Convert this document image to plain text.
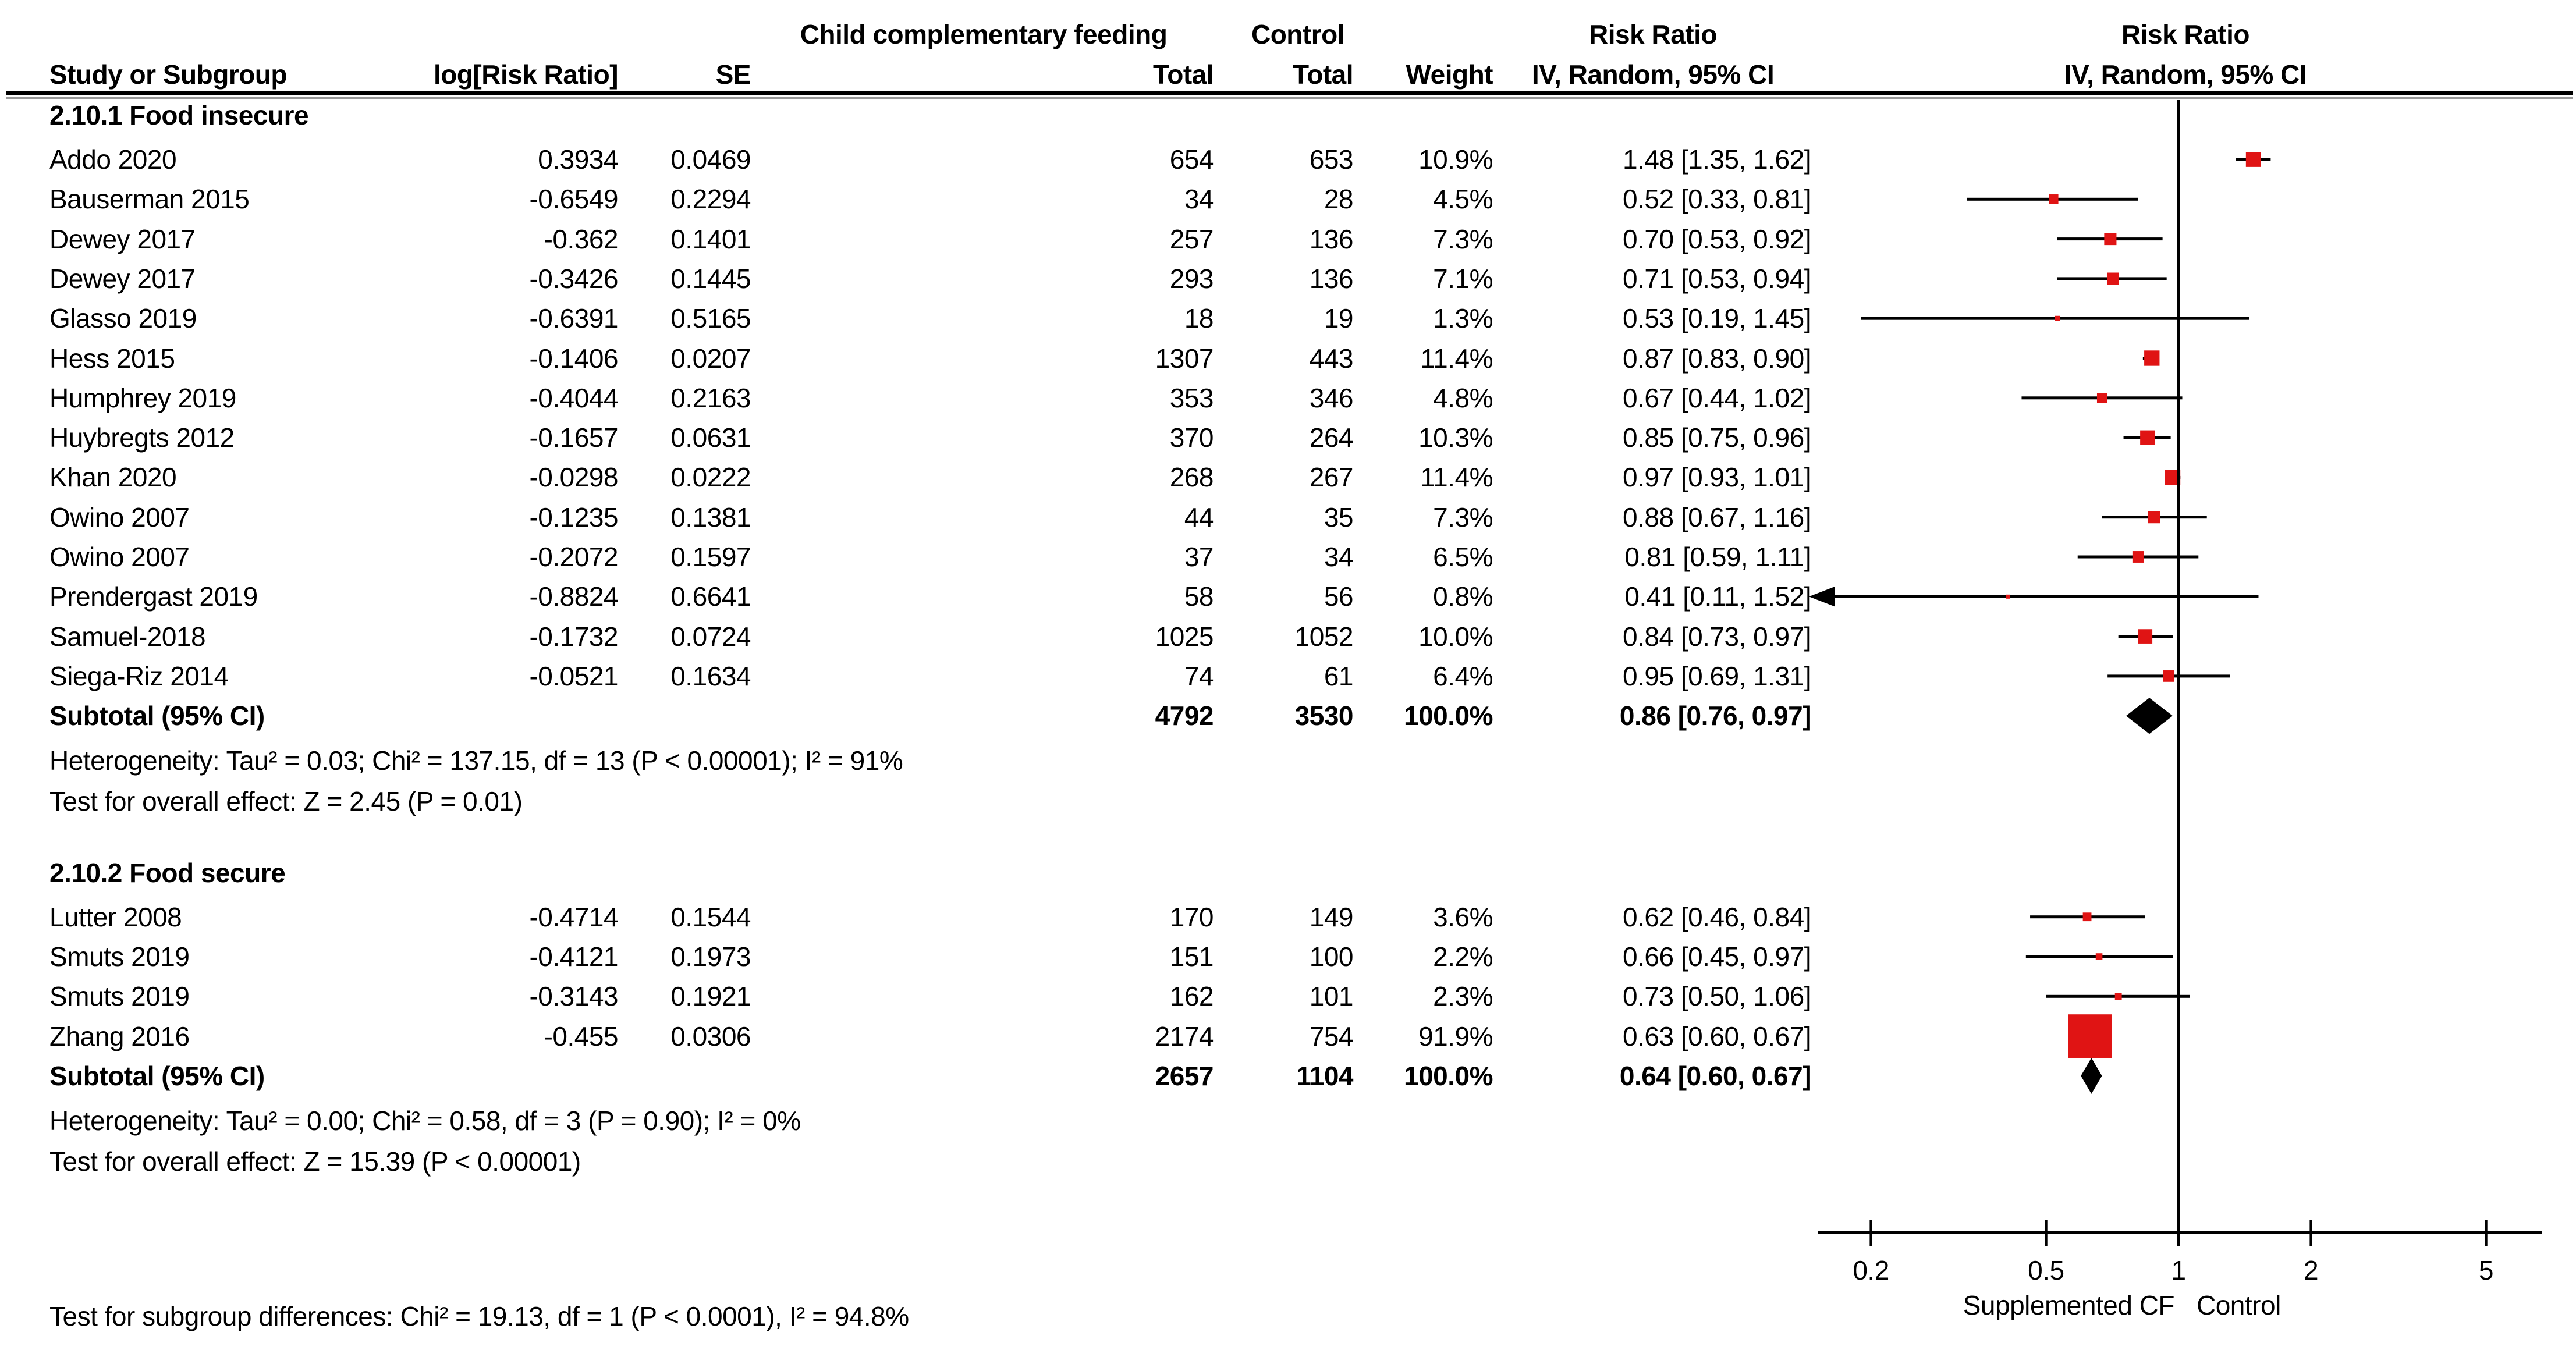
Child complementary feeding	Control	Risk Ratio	Risk Ratio
Study or Subgroup	log[Risk Ratio]	SE	Total	Total Weight IV, Random, 95% CI	IV, Random, 95% CI
2.10.1 Food insecure
Addo 2020	0.3934 0.0469	654	653 10.9%	1.48 [1.35, 1.62]
Bauserman 2015	-0.6549 0.2294	34	28	4.5%	0.52 [0.33, 0.81]
Dewey 2017	-0.362 0.1401	257	136	7.3%	0.70 [0.53, 0.92]
Dewey 2017	-0.3426 0.1445	293	136	7.1%	0.71 [0.53, 0.94]
Glasso 2019	-0.6391 0.5165	18	19	1.3%	0.53 [0.19, 1.45]
Hess 2015	-0.1406 0.0207	1307	443	11.4%	0.87 [0.83, 0.90]
Humphrey 2019	-0.4044 0.2163	353	346	4.8%	0.67 [0.44, 1.02]
Huybregts 2012	-0.1657 0.0631	370	264 10.3%	0.85 [0.75, 0.96]
Khan 2020	-0.0298 0.0222	268	267	11.4%	0.97 [0.93, 1.01]
Owino 2007	-0.1235 0.1381	44	35	7.3%	0.88 [0.67, 1.16]
Owino 2007	-0.2072 0.1597	37	34	6.5%	0.81 [0.59, 1.11]
Prendergast 2019	-0.8824 0.6641	58	56	0.8%	0.41 [0.11, 1.52]
Samuel-2018	-0.1732 0.0724	1025	1052 10.0%	0.84 [0.73, 0.97]
Siega-Riz 2014	-0.0521 0.1634	74	61	6.4%	0.95 [0.69, 1.31]
Subtotal (95% CI)	4792	3530 100.0%	0.86 [0.76, 0.97]
Heterogeneity: Tau² = 0.03; Chi² = 137.15, df = 13 (P < 0.00001); I² = 91%
Test for overall effect: Z = 2.45 (P = 0.01)
2.10.2 Food secure
Lutter 2008	-0.4714 0.1544	170	149	3.6%	0.62 [0.46, 0.84]
Smuts 2019	-0.4121 0.1973	151	100	2.2%	0.66 [0.45, 0.97]
Smuts 2019	-0.3143 0.1921	162	101	2.3%	0.73 [0.50, 1.06]
Zhang 2016	-0.455 0.0306	2174	754 91.9%	0.63 [0.60, 0.67]
Subtotal (95% CI)	2657	1104 100.0%	0.64 [0.60, 0.67]
Heterogeneity: Tau² = 0.00; Chi² = 0.58, df = 3 (P = 0.90); I² = 0%
Test for overall effect: Z = 15.39 (P < 0.00001)
0.2	0.5	1	2	5
Supplemented CF Control
Test for subgroup differences: Chi² = 19.13, df = 1 (P < 0.0001), I² = 94.8%
